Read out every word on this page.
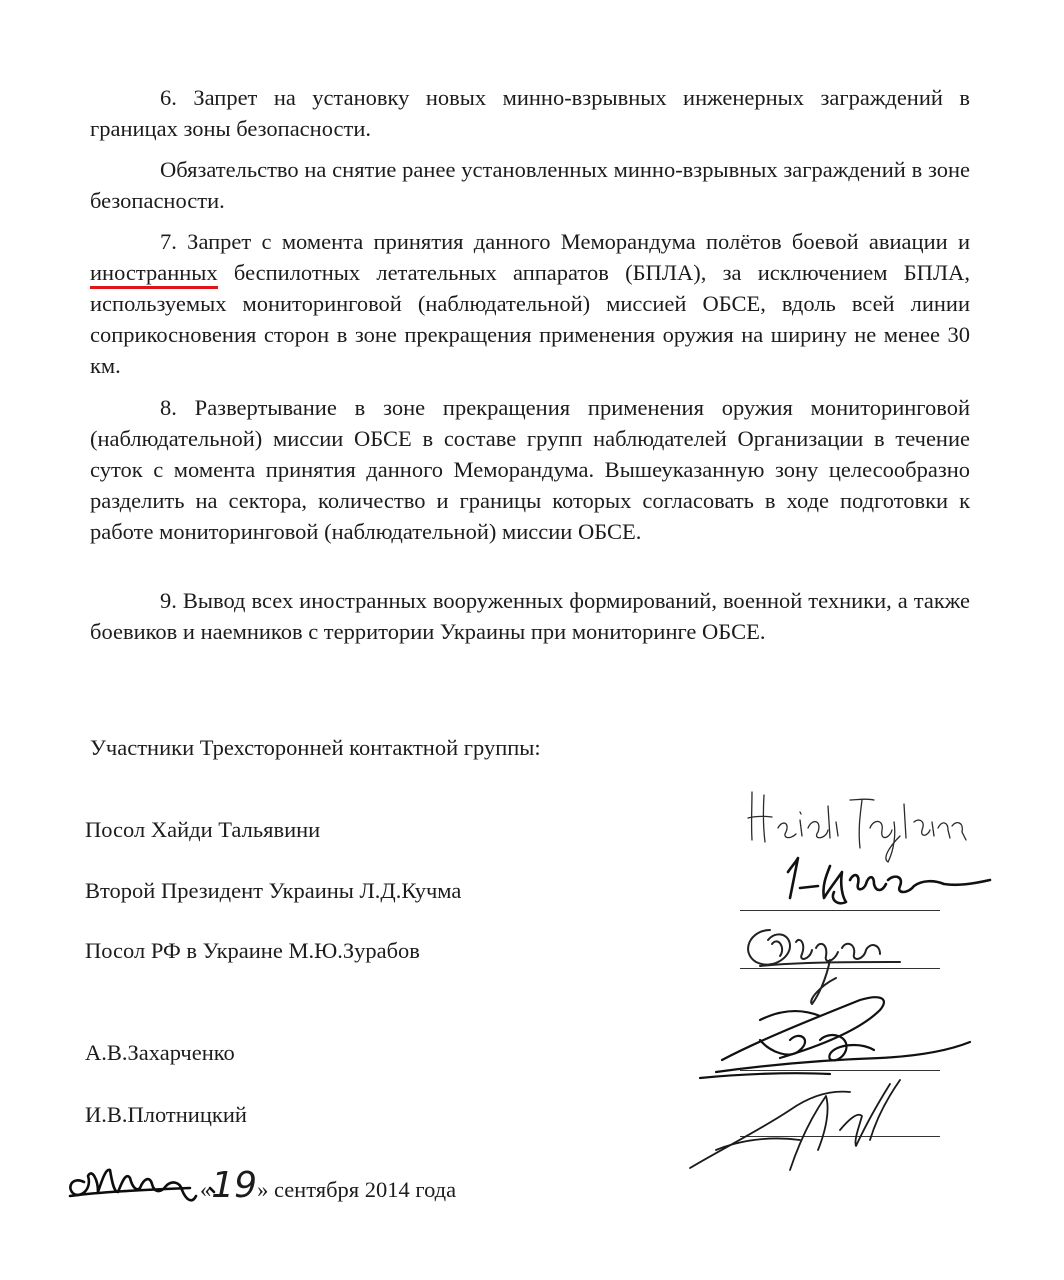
6. Запрет на установку новых минно-взрывных инженерных заграждений в границах зоны безопасности.
Обязательство на снятие ранее установленных минно-взрывных заграждений в зоне безопасности.
7. Запрет с момента принятия данного Меморандума полётов боевой авиации и иностранных беспилотных летательных аппаратов (БПЛА), за исключением БПЛА, используемых мониторинговой (наблюдательной) миссией ОБСЕ, вдоль всей линии соприкосновения сторон в зоне прекращения применения оружия на ширину не менее 30 км.
8. Развертывание в зоне прекращения применения оружия мониторинговой (наблюдательной) миссии ОБСЕ в составе групп наблюдателей Организации в течение суток с момента принятия данного Меморандума. Вышеуказанную зону целесообразно разделить на сектора, количество и границы которых согласовать в ходе подготовки к работе мониторинговой (наблюдательной) миссии ОБСЕ.
9. Вывод всех иностранных вооруженных формирований, военной техники, а также боевиков и наемников с территории Украины при мониторинге ОБСЕ.
Участники Трехсторонней контактной группы:
Посол Хайди Тальявини
Второй Президент Украины Л.Д.Кучма
Посол РФ в Украине М.Ю.Зурабов
А.В.Захарченко
И.В.Плотницкий
«19» сентября 2014 года
